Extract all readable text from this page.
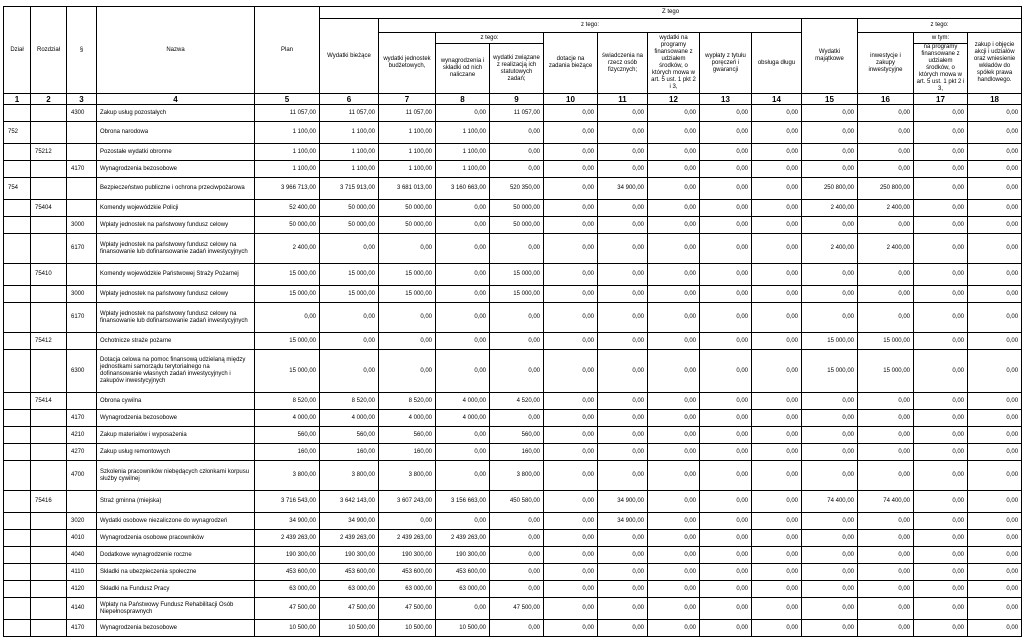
Dział	Rozdział	§	Nazwa	Plan	Z tego												
					Wydatki bieżące	z tego:								Wydatki majątkowe	z tego:		
						wydatki jednostek budżetowych,	z tego:		dotacje na zadania bieżące	świadczenia na rzecz osób fizycznych;	wydatki na programy finansowane z udziałem środków, o których mowa w art. 5 ust. 1 pkt 2 i 3,	wypłaty z tytułu poręczeń i gwarancji	obsługa długu		inwestycje i zakupy inwestycyjne	w tym:	zakup i objęcie akcji i udziałów oraz wniesienie wkładów do spółek prawa handlowego.
							wynagrodzenia i składki od nich naliczane	wydatki związane z realizacją ich statutowych zadań;								na programy finansowane z udziałem środków, o których mowa w art. 5 ust. 1 pkt 2 i 3,	
1	2	3	4	5	6	7	8	9	10	11	12	13	14	15	16	17	18
		4300	Zakup usług pozostałych	11 057,00	11 057,00	11 057,00	0,00	11 057,00	0,00	0,00	0,00	0,00	0,00	0,00	0,00	0,00	0,00
752			Obrona narodowa	1 100,00	1 100,00	1 100,00	1 100,00	0,00	0,00	0,00	0,00	0,00	0,00	0,00	0,00	0,00	0,00
	75212		Pozostałe wydatki obronne	1 100,00	1 100,00	1 100,00	1 100,00	0,00	0,00	0,00	0,00	0,00	0,00	0,00	0,00	0,00	0,00
		4170	Wynagrodzenia bezosobowe	1 100,00	1 100,00	1 100,00	1 100,00	0,00	0,00	0,00	0,00	0,00	0,00	0,00	0,00	0,00	0,00
754			Bezpieczeństwo publiczne i ochrona przeciwpożarowa	3 966 713,00	3 715 913,00	3 681 013,00	3 160 663,00	520 350,00	0,00	34 900,00	0,00	0,00	0,00	250 800,00	250 800,00	0,00	0,00
	75404		Komendy wojewódzkie Policji	52 400,00	50 000,00	50 000,00	0,00	50 000,00	0,00	0,00	0,00	0,00	0,00	2 400,00	2 400,00	0,00	0,00
		3000	Wpłaty jednostek na państwowy fundusz celowy	50 000,00	50 000,00	50 000,00	0,00	50 000,00	0,00	0,00	0,00	0,00	0,00	0,00	0,00	0,00	0,00
		6170	Wpłaty jednostek na państwowy fundusz celowy na finansowanie lub dofinansowanie zadań inwestycyjnych	2 400,00	0,00	0,00	0,00	0,00	0,00	0,00	0,00	0,00	0,00	2 400,00	2 400,00	0,00	0,00
	75410		Komendy wojewódzkie Państwowej Straży Pożarnej	15 000,00	15 000,00	15 000,00	0,00	15 000,00	0,00	0,00	0,00	0,00	0,00	0,00	0,00	0,00	0,00
		3000	Wpłaty jednostek na państwowy fundusz celowy	15 000,00	15 000,00	15 000,00	0,00	15 000,00	0,00	0,00	0,00	0,00	0,00	0,00	0,00	0,00	0,00
		6170	Wpłaty jednostek na państwowy fundusz celowy na finansowanie lub dofinansowanie zadań inwestycyjnych	0,00	0,00	0,00	0,00	0,00	0,00	0,00	0,00	0,00	0,00	0,00	0,00	0,00	0,00
	75412		Ochotnicze straże pożarne	15 000,00	0,00	0,00	0,00	0,00	0,00	0,00	0,00	0,00	0,00	15 000,00	15 000,00	0,00	0,00
		6300	Dotacja celowa na pomoc finansową udzielaną między jednostkami samorządu terytorialnego na dofinansowanie własnych zadań inwestycyjnych i zakupów inwestycyjnych	15 000,00	0,00	0,00	0,00	0,00	0,00	0,00	0,00	0,00	0,00	15 000,00	15 000,00	0,00	0,00
	75414		Obrona cywilna	8 520,00	8 520,00	8 520,00	4 000,00	4 520,00	0,00	0,00	0,00	0,00	0,00	0,00	0,00	0,00	0,00
		4170	Wynagrodzenia bezosobowe	4 000,00	4 000,00	4 000,00	4 000,00	0,00	0,00	0,00	0,00	0,00	0,00	0,00	0,00	0,00	0,00
		4210	Zakup materiałów i wyposażenia	560,00	560,00	560,00	0,00	560,00	0,00	0,00	0,00	0,00	0,00	0,00	0,00	0,00	0,00
		4270	Zakup usług remontowych	160,00	160,00	160,00	0,00	160,00	0,00	0,00	0,00	0,00	0,00	0,00	0,00	0,00	0,00
		4700	Szkolenia pracowników niebędących członkami korpusu służby cywilnej	3 800,00	3 800,00	3 800,00	0,00	3 800,00	0,00	0,00	0,00	0,00	0,00	0,00	0,00	0,00	0,00
	75416		Straż gminna (miejska)	3 716 543,00	3 642 143,00	3 607 243,00	3 156 663,00	450 580,00	0,00	34 900,00	0,00	0,00	0,00	74 400,00	74 400,00	0,00	0,00
		3020	Wydatki osobowe niezaliczone do wynagrodzeń	34 900,00	34 900,00	0,00	0,00	0,00	0,00	34 900,00	0,00	0,00	0,00	0,00	0,00	0,00	0,00
		4010	Wynagrodzenia osobowe pracowników	2 439 263,00	2 439 263,00	2 439 263,00	2 439 263,00	0,00	0,00	0,00	0,00	0,00	0,00	0,00	0,00	0,00	0,00
		4040	Dodatkowe wynagrodzenie roczne	190 300,00	190 300,00	190 300,00	190 300,00	0,00	0,00	0,00	0,00	0,00	0,00	0,00	0,00	0,00	0,00
		4110	Składki na ubezpieczenia społeczne	453 600,00	453 600,00	453 600,00	453 600,00	0,00	0,00	0,00	0,00	0,00	0,00	0,00	0,00	0,00	0,00
		4120	Składki na Fundusz Pracy	63 000,00	63 000,00	63 000,00	63 000,00	0,00	0,00	0,00	0,00	0,00	0,00	0,00	0,00	0,00	0,00
		4140	Wpłaty na Państwowy Fundusz Rehabilitacji Osób Niepełnosprawnych	47 500,00	47 500,00	47 500,00	0,00	47 500,00	0,00	0,00	0,00	0,00	0,00	0,00	0,00	0,00	0,00
		4170	Wynagrodzenia bezosobowe	10 500,00	10 500,00	10 500,00	10 500,00	0,00	0,00	0,00	0,00	0,00	0,00	0,00	0,00	0,00	0,00
